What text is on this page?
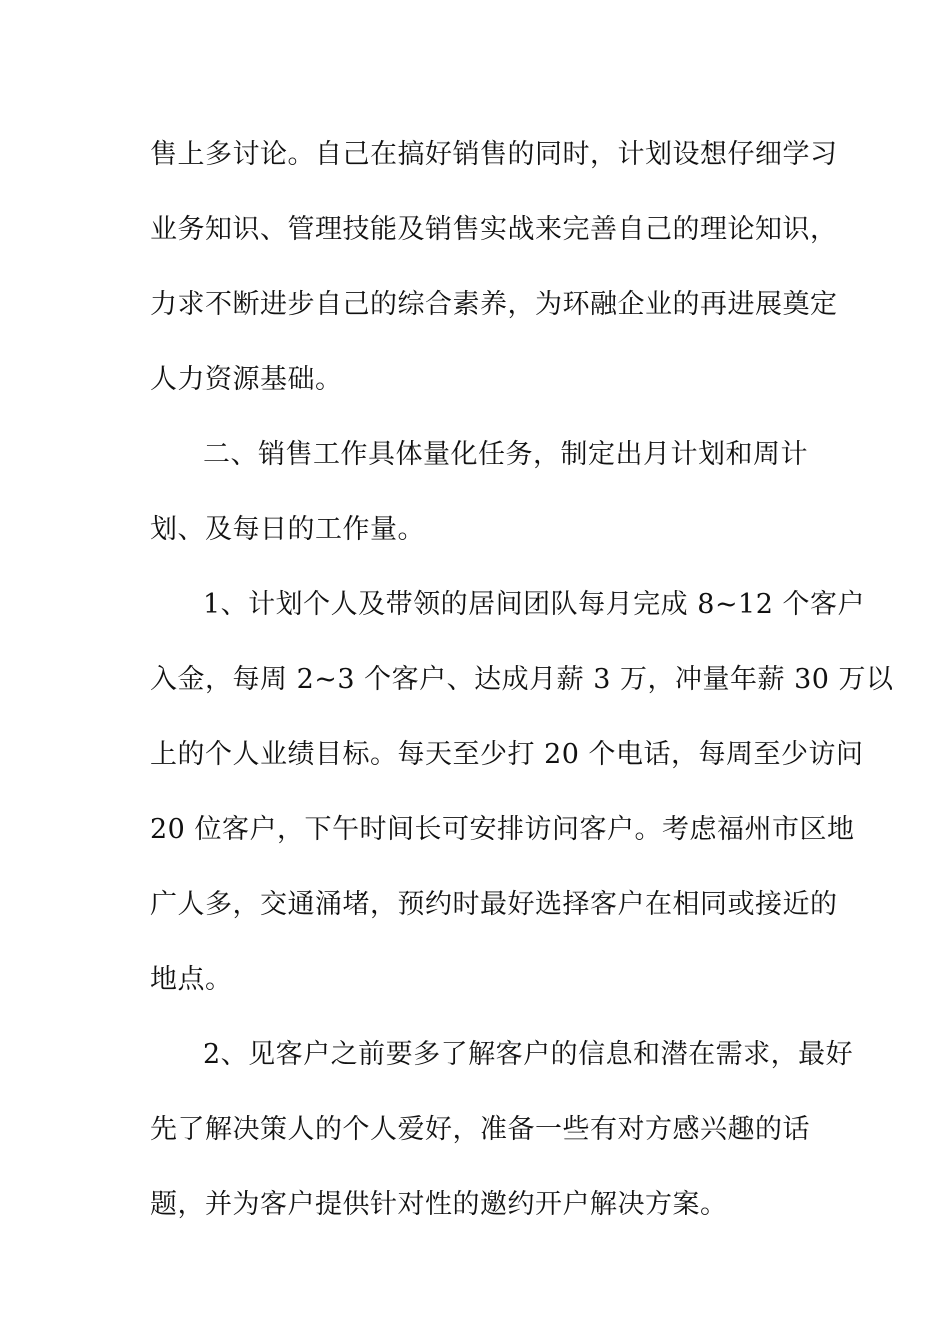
售上多讨论。自己在搞好销售的同时，计划设想仔细学习
业务知识、管理技能及销售实战来完善自己的理论知识，
力求不断进步自己的综合素养，为环融企业的再进展奠定
人力资源基础。
二、销售工作具体量化任务，制定出月计划和周计
划、及每日的工作量。
1、计划个人及带领的居间团队每月完成 8~12 个客户
入金，每周 2~3 个客户、达成月薪 3 万，冲量年薪 30 万以
上的个人业绩目标。每天至少打 20 个电话，每周至少访问
20 位客户，下午时间长可安排访问客户。考虑福州市区地
广人多，交通涌堵，预约时最好选择客户在相同或接近的
地点。
2、见客户之前要多了解客户的信息和潜在需求，最好
先了解决策人的个人爱好，准备一些有对方感兴趣的话
题，并为客户提供针对性的邀约开户解决方案。
